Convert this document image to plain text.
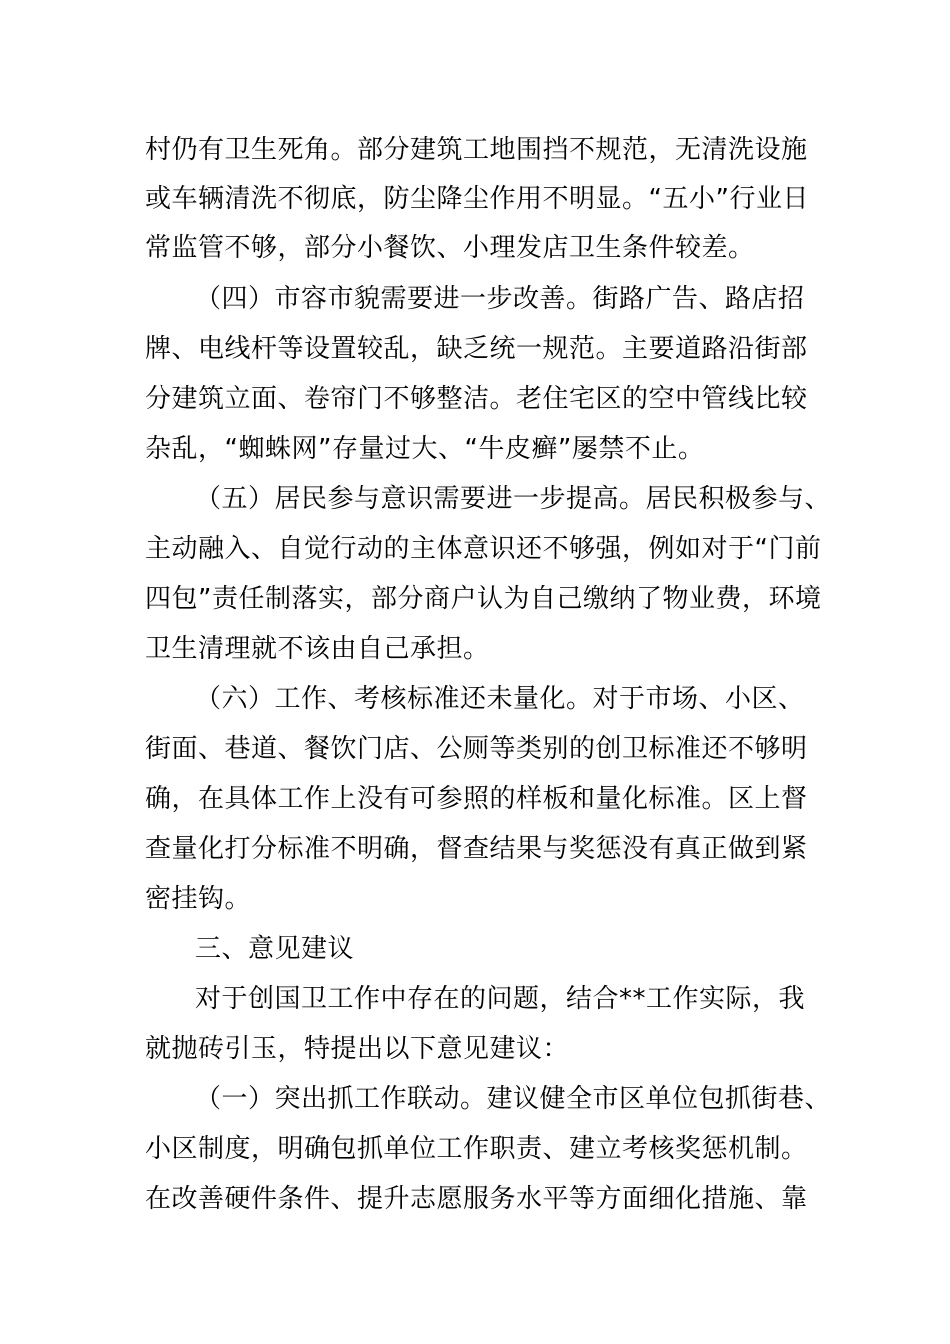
村仍有卫生死角。部分建筑工地围挡不规范，无清洗设施
或车辆清洗不彻底，防尘降尘作用不明显。“五小”行业日
常监管不够，部分小餐饮、小理发店卫生条件较差。
（四）市容市貌需要进一步改善。街路广告、路店招
牌、电线杆等设置较乱，缺乏统一规范。主要道路沿街部
分建筑立面、卷帘门不够整洁。老住宅区的空中管线比较
杂乱，“蜘蛛网”存量过大、“牛皮癣”屡禁不止。
（五）居民参与意识需要进一步提高。居民积极参与、
主动融入、自觉行动的主体意识还不够强，例如对于“门前
四包”责任制落实，部分商户认为自己缴纳了物业费，环境
卫生清理就不该由自己承担。
（六）工作、考核标准还未量化。对于市场、小区、
街面、巷道、餐饮门店、公厕等类别的创卫标准还不够明
确，在具体工作上没有可参照的样板和量化标准。区上督
查量化打分标准不明确，督查结果与奖惩没有真正做到紧
密挂钩。
三、意见建议
对于创国卫工作中存在的问题，结合**工作实际，我
就抛砖引玉，特提出以下意见建议：
（一）突出抓工作联动。建议健全市区单位包抓街巷、
小区制度，明确包抓单位工作职责、建立考核奖惩机制。
在改善硬件条件、提升志愿服务水平等方面细化措施、靠
